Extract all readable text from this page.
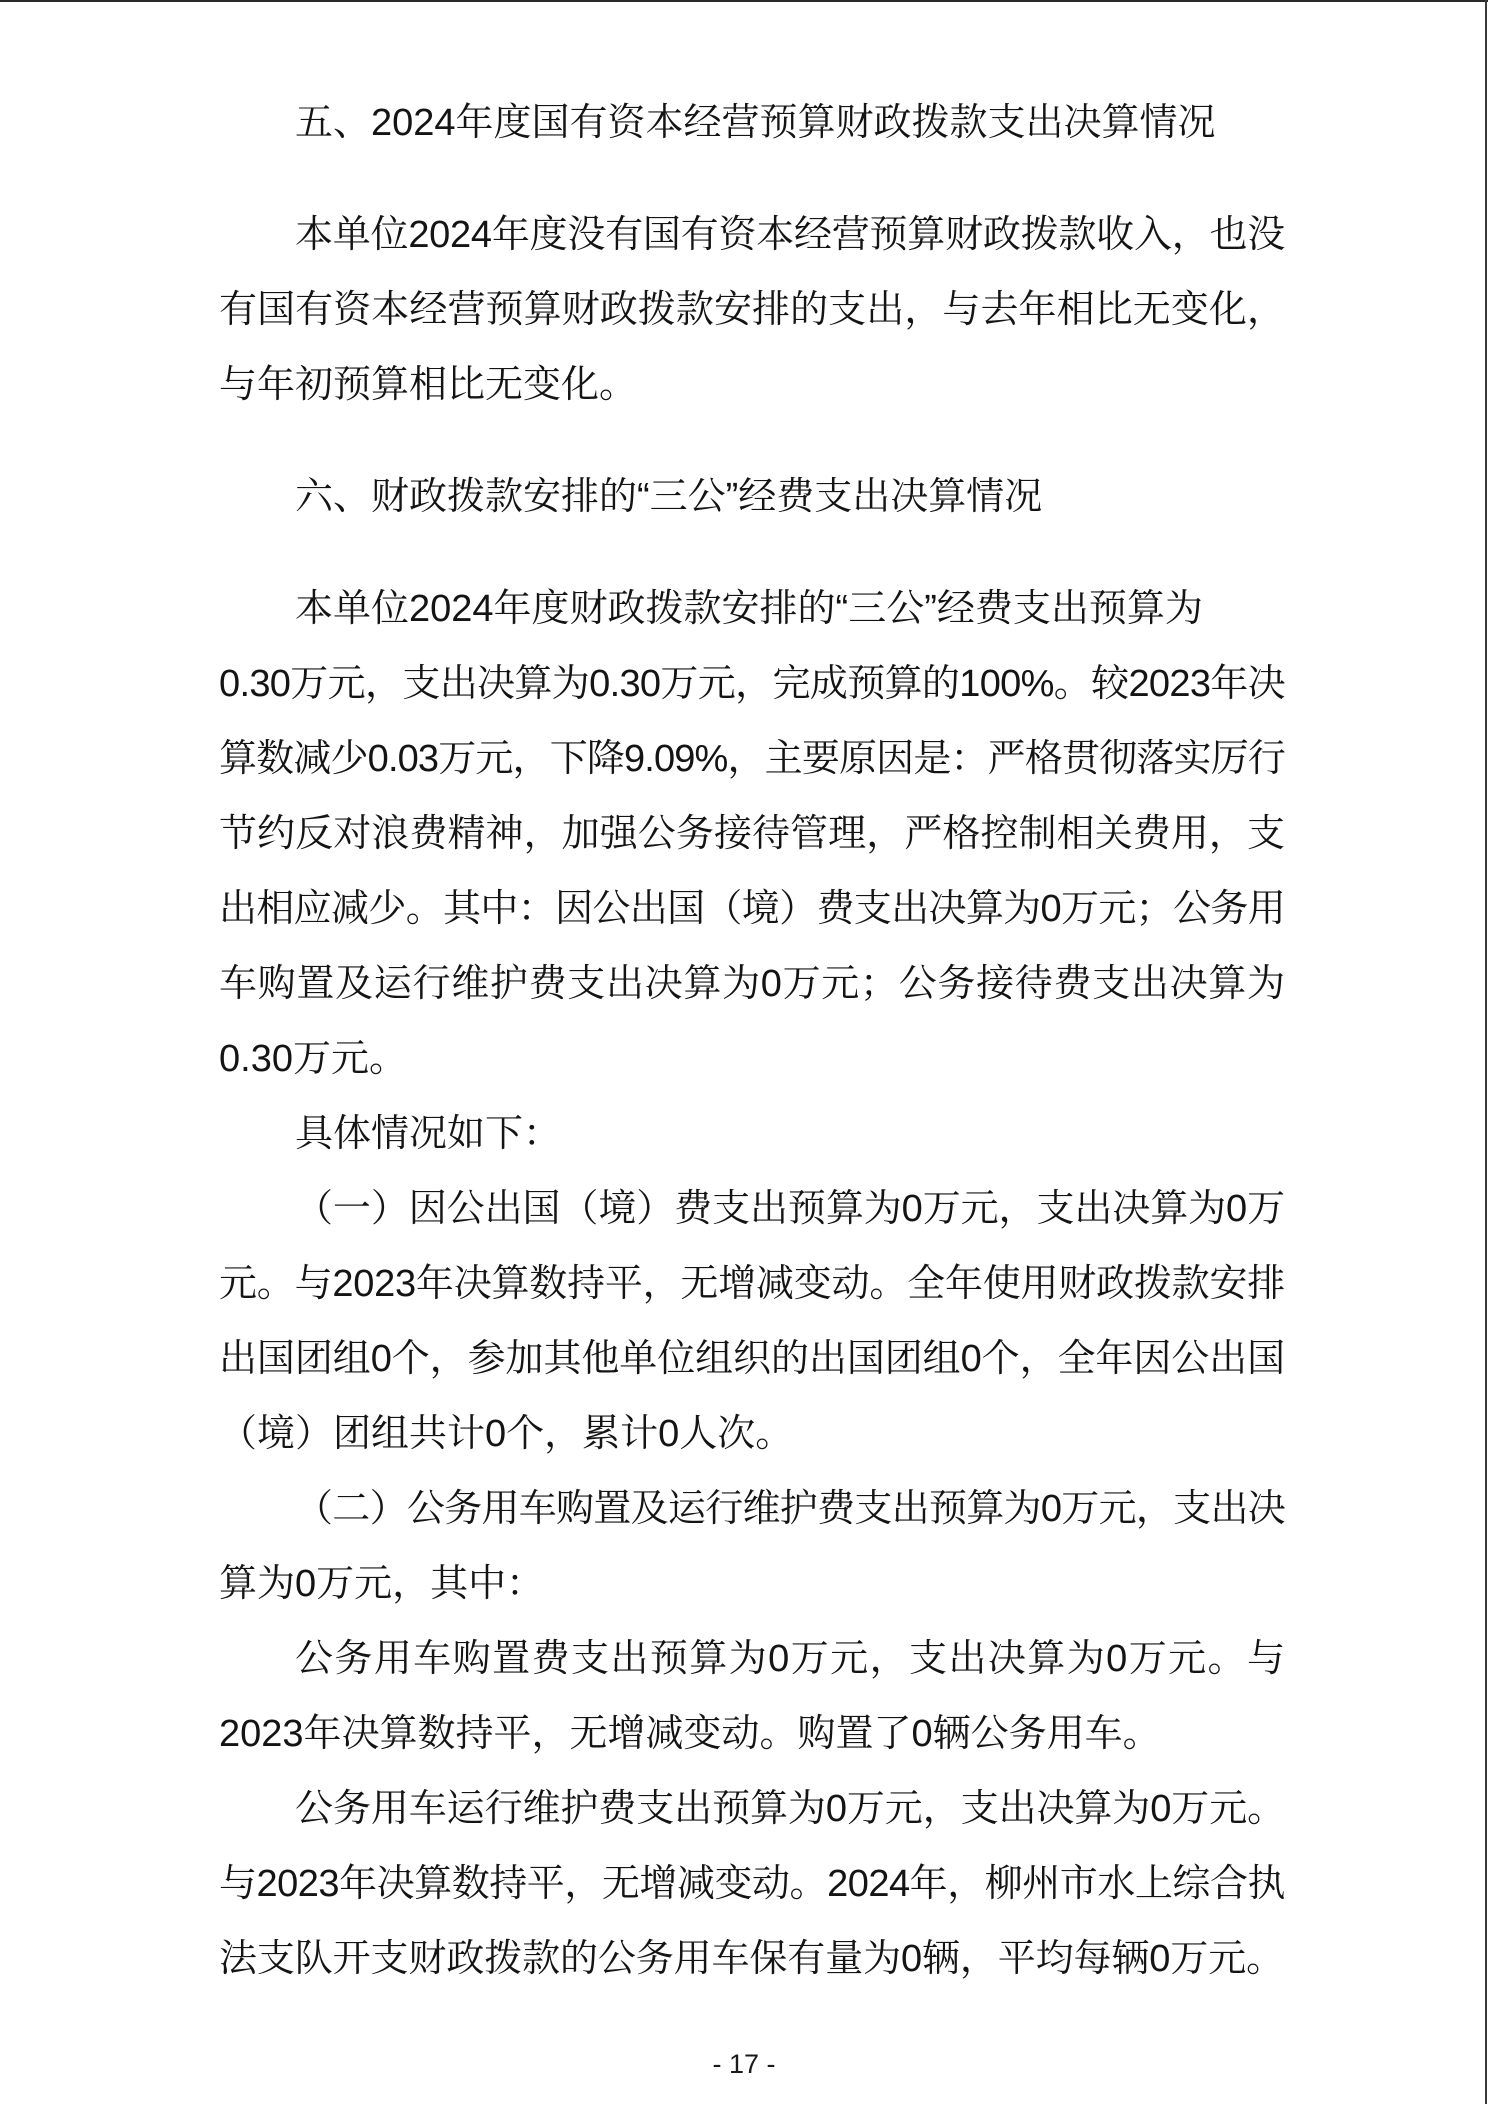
五、2024年度国有资本经营预算财政拨款支出决算情况
本单位2024年度没有国有资本经营预算财政拨款收入，也没
有国有资本经营预算财政拨款安排的支出，与去年相比无变化，
与年初预算相比无变化。
六、财政拨款安排的“三公”经费支出决算情况
本单位2024年度财政拨款安排的“三公”经费支出预算为
0.30万元，支出决算为0.30万元，完成预算的100%。较2023年决
算数减少0.03万元，下降9.09%，主要原因是：严格贯彻落实厉行
节约反对浪费精神，加强公务接待管理，严格控制相关费用，支
出相应减少。其中：因公出国（境）费支出决算为0万元；公务用
车购置及运行维护费支出决算为0万元；公务接待费支出决算为
0.30万元。
具体情况如下：
（一）因公出国（境）费支出预算为0万元，支出决算为0万
元。与2023年决算数持平，无增减变动。全年使用财政拨款安排
出国团组0个，参加其他单位组织的出国团组0个，全年因公出国
（境）团组共计0个，累计0人次。
（二）公务用车购置及运行维护费支出预算为0万元，支出决
算为0万元，其中：
公务用车购置费支出预算为0万元，支出决算为0万元。与
2023年决算数持平，无增减变动。购置了0辆公务用车。
公务用车运行维护费支出预算为0万元，支出决算为0万元。
与2023年决算数持平，无增减变动。2024年，柳州市水上综合执
法支队开支财政拨款的公务用车保有量为0辆，平均每辆0万元。
- 17 -
